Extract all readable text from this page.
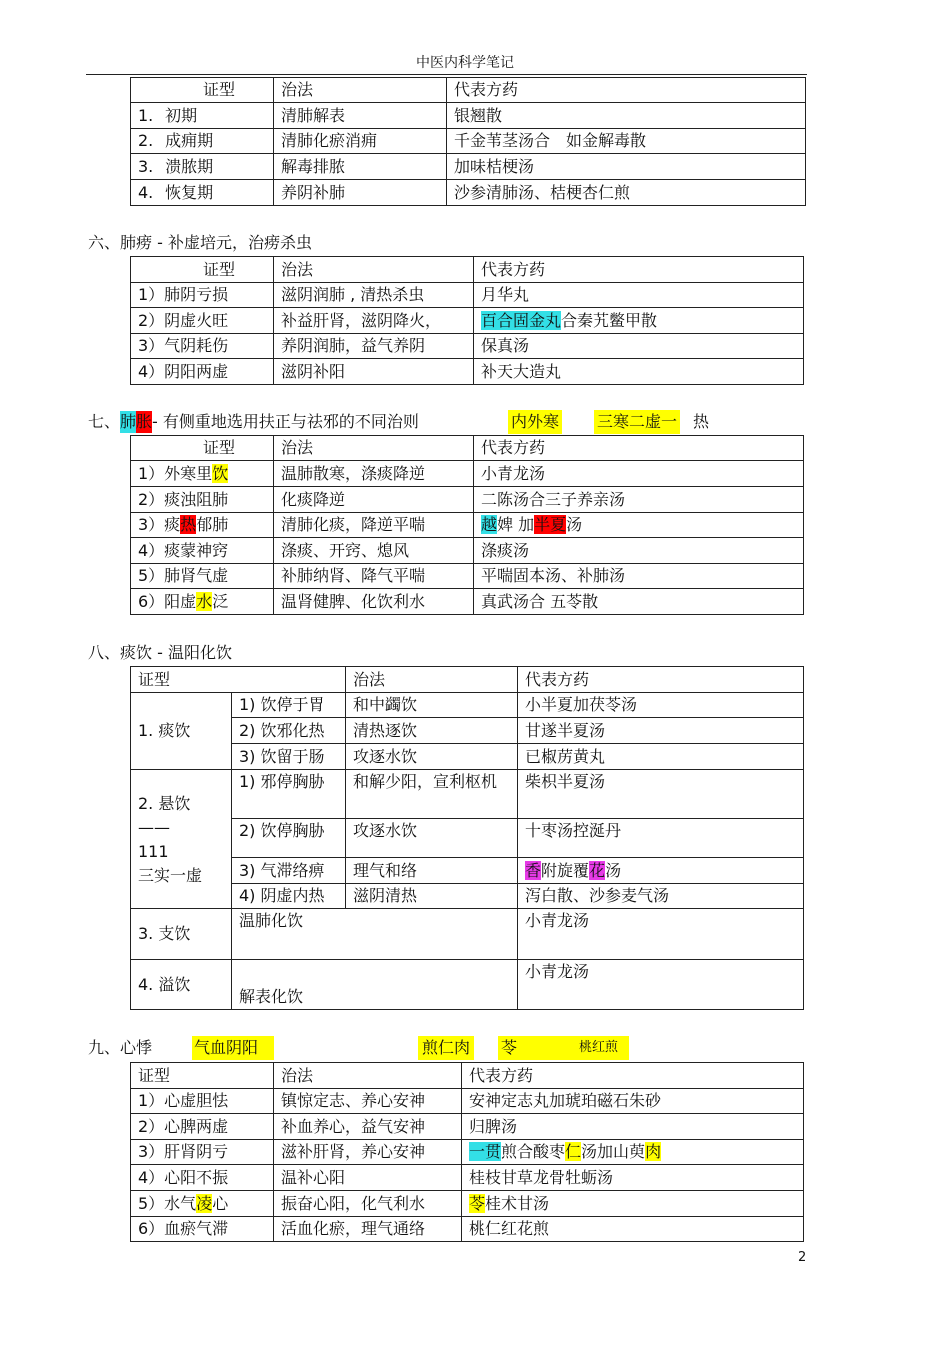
中医内科学笔记
证型	治法	代表方药
1. 初期	清肺解表	银翘散
2. 成痈期	清肺化瘀消痈	千金苇茎汤合　如金解毒散
3. 溃脓期	解毒排脓	加味桔梗汤
4. 恢复期	养阴补肺	沙参清肺汤、桔梗杏仁煎
六、肺痨 - 补虚培元，治痨杀虫
证型	治法	代表方药
1）肺阴亏损	滋阴润肺 , 清热杀虫	月华丸
2）阴虚火旺	补益肝肾，滋阴降火，	百合固金丸合秦艽鳖甲散
3）气阴耗伤	养阴润肺，益气养阴	保真汤
4）阴阳两虚	滋阴补阳	补天大造丸
七、肺胀- 有侧重地选用扶正与祛邪的不同治则	内外寒 三寒二虚一 热
证型	治法	代表方药
1）外寒里饮	温肺散寒，涤痰降逆	小青龙汤
2）痰浊阻肺	化痰降逆	二陈汤合三子养亲汤
3）痰热郁肺	清肺化痰，降逆平喘	越婢 加半夏汤
4）痰蒙神窍	涤痰、开窍、熄风	涤痰汤
5）肺肾气虚	补肺纳肾、降气平喘	平喘固本汤、补肺汤
6）阳虚水泛	温肾健脾、化饮利水	真武汤合 五苓散
八、痰饮 - 温阳化饮
证型		治法	代表方药
1. 痰饮	1) 饮停于胃	和中蠲饮	小半夏加茯苓汤
	2) 饮邪化热	清热逐饮	甘遂半夏汤
	3) 饮留于肠	攻逐水饮	已椒苈黄丸

2. 悬饮
——
111
三实一虚	1) 邪停胸胁	和解少阳，宣利枢机	柴枳半夏汤
	2) 饮停胸胁	攻逐水饮	十枣汤控涎丹
	3) 气滞络痹	理气和络	香附旋覆花汤
	4) 阴虚内热	滋阴清热	泻白散、沙参麦气汤
3. 支饮	温肺化饮		小青龙汤
4. 溢饮	解表化饮		小青龙汤
九、心悸	气血阴阳	煎仁肉 苓	桃红煎
证型	治法	代表方药
1）心虚胆怯	镇惊定志、养心安神	安神定志丸加琥珀磁石朱砂
2）心脾两虚	补血养心，益气安神	归脾汤
3）肝肾阴亏	滋补肝肾，养心安神	一贯煎合酸枣仁汤加山萸肉
4）心阳不振	温补心阳	桂枝甘草龙骨牡蛎汤
5）水气凌心	振奋心阳，化气利水	苓桂术甘汤
6）血瘀气滞	活血化瘀，理气通络	桃仁红花煎
2
